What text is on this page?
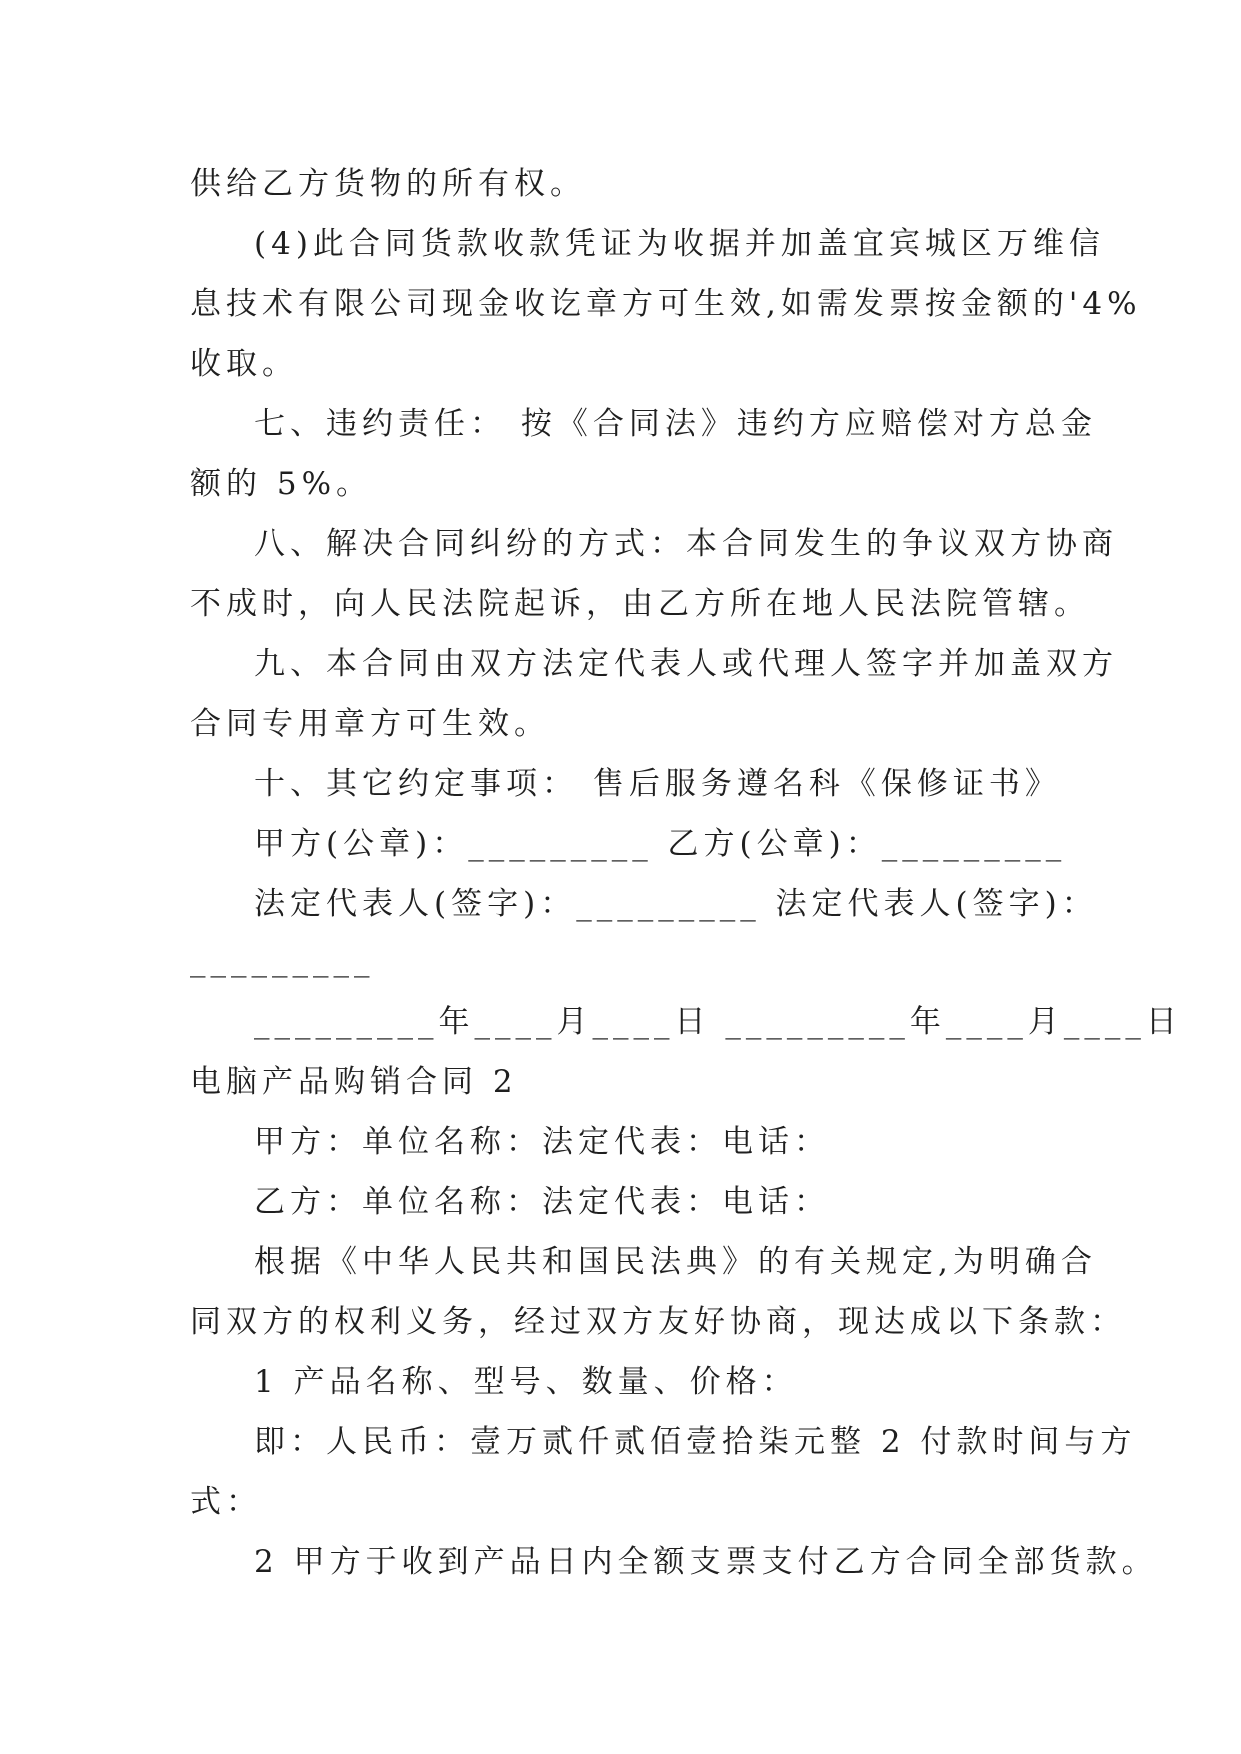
供给乙方货物的所有权。
(4)此合同货款收款凭证为收据并加盖宜宾城区万维信
息技术有限公司现金收讫章方可生效,如需发票按金额的'4%
收取。
七、违约责任： 按《合同法》违约方应赔偿对方总金
额的 5%。
八、解决合同纠纷的方式：本合同发生的争议双方协商
不成时，向人民法院起诉，由乙方所在地人民法院管辖。
九、本合同由双方法定代表人或代理人签字并加盖双方
合同专用章方可生效。
十、其它约定事项： 售后服务遵名科《保修证书》
甲方(公章)：_________ 乙方(公章)：_________
法定代表人(签字)：_________ 法定代表人(签字)：
_________
_________年____月____日 _________年____月____日
电脑产品购销合同 2
甲方：单位名称：法定代表：电话：
乙方：单位名称：法定代表：电话：
根据《中华人民共和国民法典》的有关规定,为明确合
同双方的权利义务，经过双方友好协商，现达成以下条款：
1 产品名称、型号、数量、价格：
即：人民币：壹万贰仟贰佰壹拾柒元整 2 付款时间与方
式：
2 甲方于收到产品日内全额支票支付乙方合同全部货款。
